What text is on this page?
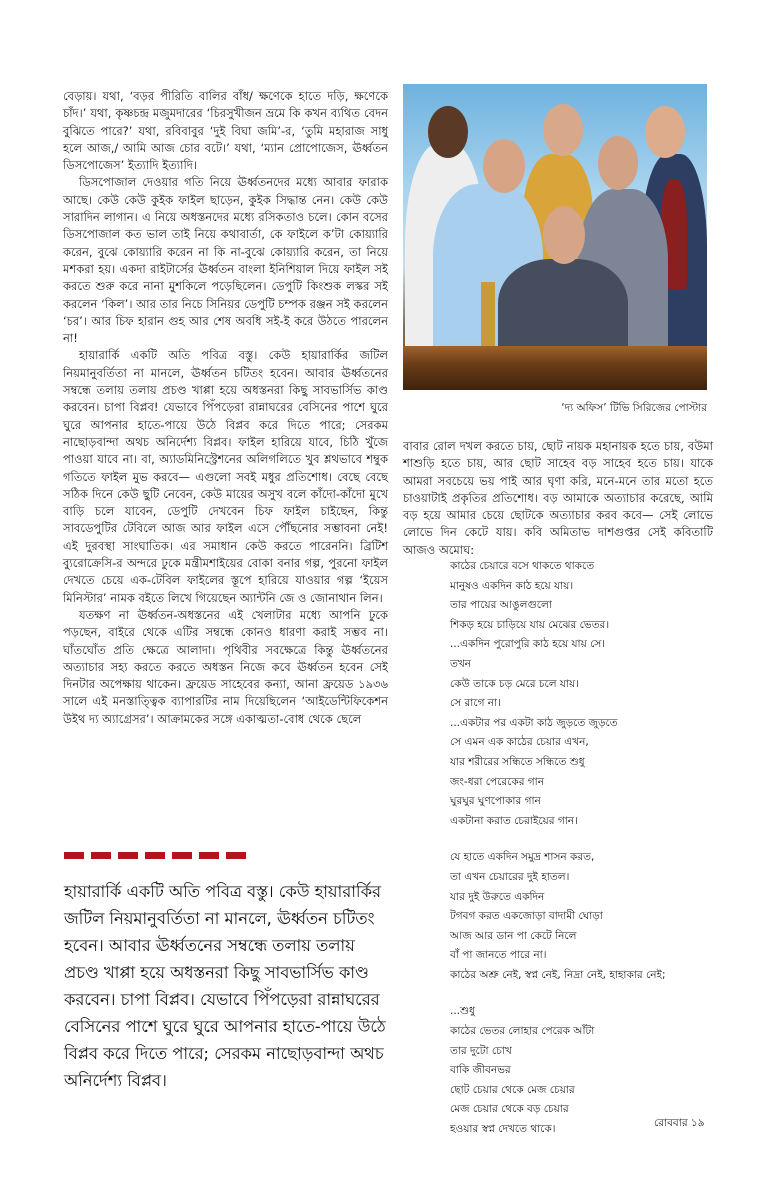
বেড়ায়। যথা, ‘বড়র পীরিতি বালির বাঁধ/ ক্ষণেকে হাতে দড়ি, ক্ষণেকে চাঁদ।’ যথা, কৃষ্ণচন্দ্র মজুমদারের ‘চিরসুখীজন ভ্রমে কি কখন ব্যথিত বেদন বুঝিতে পারে?’ যথা, রবিবাবুর ‘দুই বিঘা জমি’-র, ‘তুমি মহারাজ সাধু হলে আজ,/ আমি আজ চোর বটে।’ যথা, ‘ম্যান প্রোপোজেস, ঊর্ধ্বতন ডিসপোজেস’ ইত্যাদি ইত্যাদি।

ডিসপোজাল দেওয়ার গতি নিয়ে ঊর্ধ্বতনদের মধ্যে আবার ফারাক আছে। কেউ কেউ কুইক ফাইল ছাড়েন, কুইক সিদ্ধান্ত নেন। কেউ কেউ সারাদিন লাগান। এ নিয়ে অধস্তনদের মধ্যে রসিকতাও চলে। কোন বসের ডিসপোজাল কত ভাল তাই নিয়ে কথাবার্তা, কে ফাইলে ক’টা কোয়্যারি করেন, বুঝে কোয়্যারি করেন না কি না-বুঝে কোয়্যারি করেন, তা নিয়ে মশকরা হয়। একদা রাইটার্সের ঊর্ধ্বতন বাংলা ইনিশিয়াল দিয়ে ফাইল সই করতে শুরু করে নানা মুশকিলে পড়েছিলেন। ডেপুটি কিংশুক লস্কর সই করলেন ‘কিল’। আর তার নিচে সিনিয়র ডেপুটি চম্পক রঞ্জন সই করলেন ‘চর’। আর চিফ হারান গুহ আর শেষ অবধি সই-ই করে উঠতে পারলেন না!

হায়ারার্কি একটি অতি পবিত্র বস্তু। কেউ হায়ারার্কির জটিল নিয়মানুবর্তিতা না মানলে, ঊর্ধ্বতন চটিতং হবেন। আবার ঊর্ধ্বতনের সম্বন্ধে তলায় তলায় প্রচণ্ড খাপ্পা হয়ে অধস্তনরা কিছু সাবভার্সিভ কাণ্ড করবেন। চাপা বিপ্লব! যেভাবে পিঁপড়েরা রান্নাঘরের বেসিনের পাশে ঘুরে ঘুরে আপনার হাতে-পায়ে উঠে বিপ্লব করে দিতে পারে; সেরকম নাছোড়বান্দা অথচ অনির্দেশ্য বিপ্লব। ফাইল হারিয়ে যাবে, চিঠি খুঁজে পাওয়া যাবে না। বা, অ্যাডমিনিস্ট্রেশনের অলিগলিতে খুব শ্লথভাবে শম্বুক গতিতে ফাইল মুভ করবে— এগুলো সবই মধুর প্রতিশোধ। বেছে বেছে সঠিক দিনে কেউ ছুটি নেবেন, কেউ মায়ের অসুখ বলে কাঁদো-কাঁদো মুখে বাড়ি চলে যাবেন, ডেপুটি দেখবেন চিফ ফাইল চাইছেন, কিন্তু সাবডেপুটির টেবিলে আজ আর ফাইল এসে পৌঁছনোর সম্ভাবনা নেই! এই দুরবস্থা সাংঘাতিক। এর সমাধান কেউ করতে পারেননি। ব্রিটিশ ব্যুরোক্রেসি-র অন্দরে ঢুকে মন্ত্রীমশাইয়ের বোকা বনার গল্প, পুরনো ফাইল দেখতে চেয়ে এক-টেবিল ফাইলের স্তূপে হারিয়ে যাওয়ার গল্প ‘ইয়েস মিনিস্টার’ নামক বইতে লিখে গিয়েছেন অ্যান্টনি জে ও জোনাথান লিন।

যতক্ষণ না ঊর্ধ্বতন-অধস্তনের এই খেলাটার মধ্যে আপনি ঢুকে পড়ছেন, বাইরে থেকে এটির সম্বন্ধে কোনও ধারণা করাই সম্ভব না। ঘাঁতঘোঁত প্রতি ক্ষেত্রে আলাদা। পৃথিবীর সবক্ষেত্রে কিন্তু ঊর্ধ্বতনের অত্যাচার সহ্য করতে করতে অধস্তন নিজে কবে ঊর্ধ্বতন হবেন সেই দিনটার অপেক্ষায় থাকেন। ফ্রয়েড সাহেবের কন্যা, আনা ফ্রয়েড ১৯৩৬ সালে এই মনস্তাত্ত্বিক ব্যাপারটির নাম দিয়েছিলেন ‘আইডেন্টিফিকেশন উইথ দ্য অ্যাগ্রেসর’। আক্রামকের সঙ্গে একাত্মতা-বোধ থেকে ছেলে

হায়ারার্কি একটি অতি পবিত্র বস্তু। কেউ হায়ারার্কির জটিল নিয়মানুবর্তিতা না মানলে, ঊর্ধ্বতন চটিতং হবেন। আবার ঊর্ধ্বতনের সম্বন্ধে তলায় তলায় প্রচণ্ড খাপ্পা হয়ে অধস্তনরা কিছু সাবভার্সিভ কাণ্ড করবেন। চাপা বিপ্লব। যেভাবে পিঁপড়েরা রান্নাঘরের বেসিনের পাশে ঘুরে ঘুরে আপনার হাতে-পায়ে উঠে বিপ্লব করে দিতে পারে; সেরকম নাছোড়বান্দা অথচ অনির্দেশ্য বিপ্লব।

‘দ্য অফিস’ টিভি সিরিজের পোস্টার

বাবার রোল দখল করতে চায়, ছোট নায়ক মহানায়ক হতে চায়, বউমা শাশুড়ি হতে চায়, আর ছোট সাহেব বড় সাহেব হতে চায়। যাকে আমরা সবচেয়ে ভয় পাই আর ঘৃণা করি, মনে-মনে তার মতো হতে চাওয়াটাই প্রকৃতির প্রতিশোধ। বড় আমাকে অত্যাচার করেছে, আমি বড় হয়ে আমার চেয়ে ছোটকে অত্যাচার করব কবে— সেই লোভে লোভে দিন কেটে যায়। কবি অমিতাভ দাশগুপ্তর সেই কবিতাটি আজও অমোঘ:

কাঠের চেয়ারে বসে থাকতে থাকতে

মানুষও একদিন কাঠ হয়ে যায়।

তার পায়ের আঙুলগুলো

শিকড় হয়ে চাড়িয়ে যায় মেঝের ভেতর।

...একদিন পুরোপুরি কাঠ হয়ে যায় সে।

তখন

কেউ তাকে চড় মেরে চলে যায়।

সে রাগে না।

...একটার পর একটা কাঠ জুড়তে জুড়তে

সে এমন এক কাঠের চেয়ার এখন,

যার শরীরের সন্ধিতে সন্ধিতে শুধু

জং-ধরা পেরেকের গান

ঘুরঘুর ঘুণপোকার গান

একটানা করাত চেরাইয়ের গান।

যে হাতে একদিন সমুদ্র শাসন করত,

তা এখন চেয়ারের দুই হাতল।

যার দুই উরুতে একদিন

টগবগ করত একজোড়া বাদামী ঘোড়া

আজ আর ডান পা কেটে নিলে

বাঁ পা জানতে পারে না।

কাঠের অশ্রু নেই, স্বপ্ন নেই, নিদ্রা নেই, হাহাকার নেই;

...শুধু

কাঠের ভেতর লোহার পেরেক আঁটা

তার দুটো চোখ

বাকি জীবনভর

ছোট চেয়ার থেকে মেজ চেয়ার

মেজ চেয়ার থেকে বড় চেয়ার

হওয়ার স্বপ্ন দেখতে থাকে।

রোববার ১৯
